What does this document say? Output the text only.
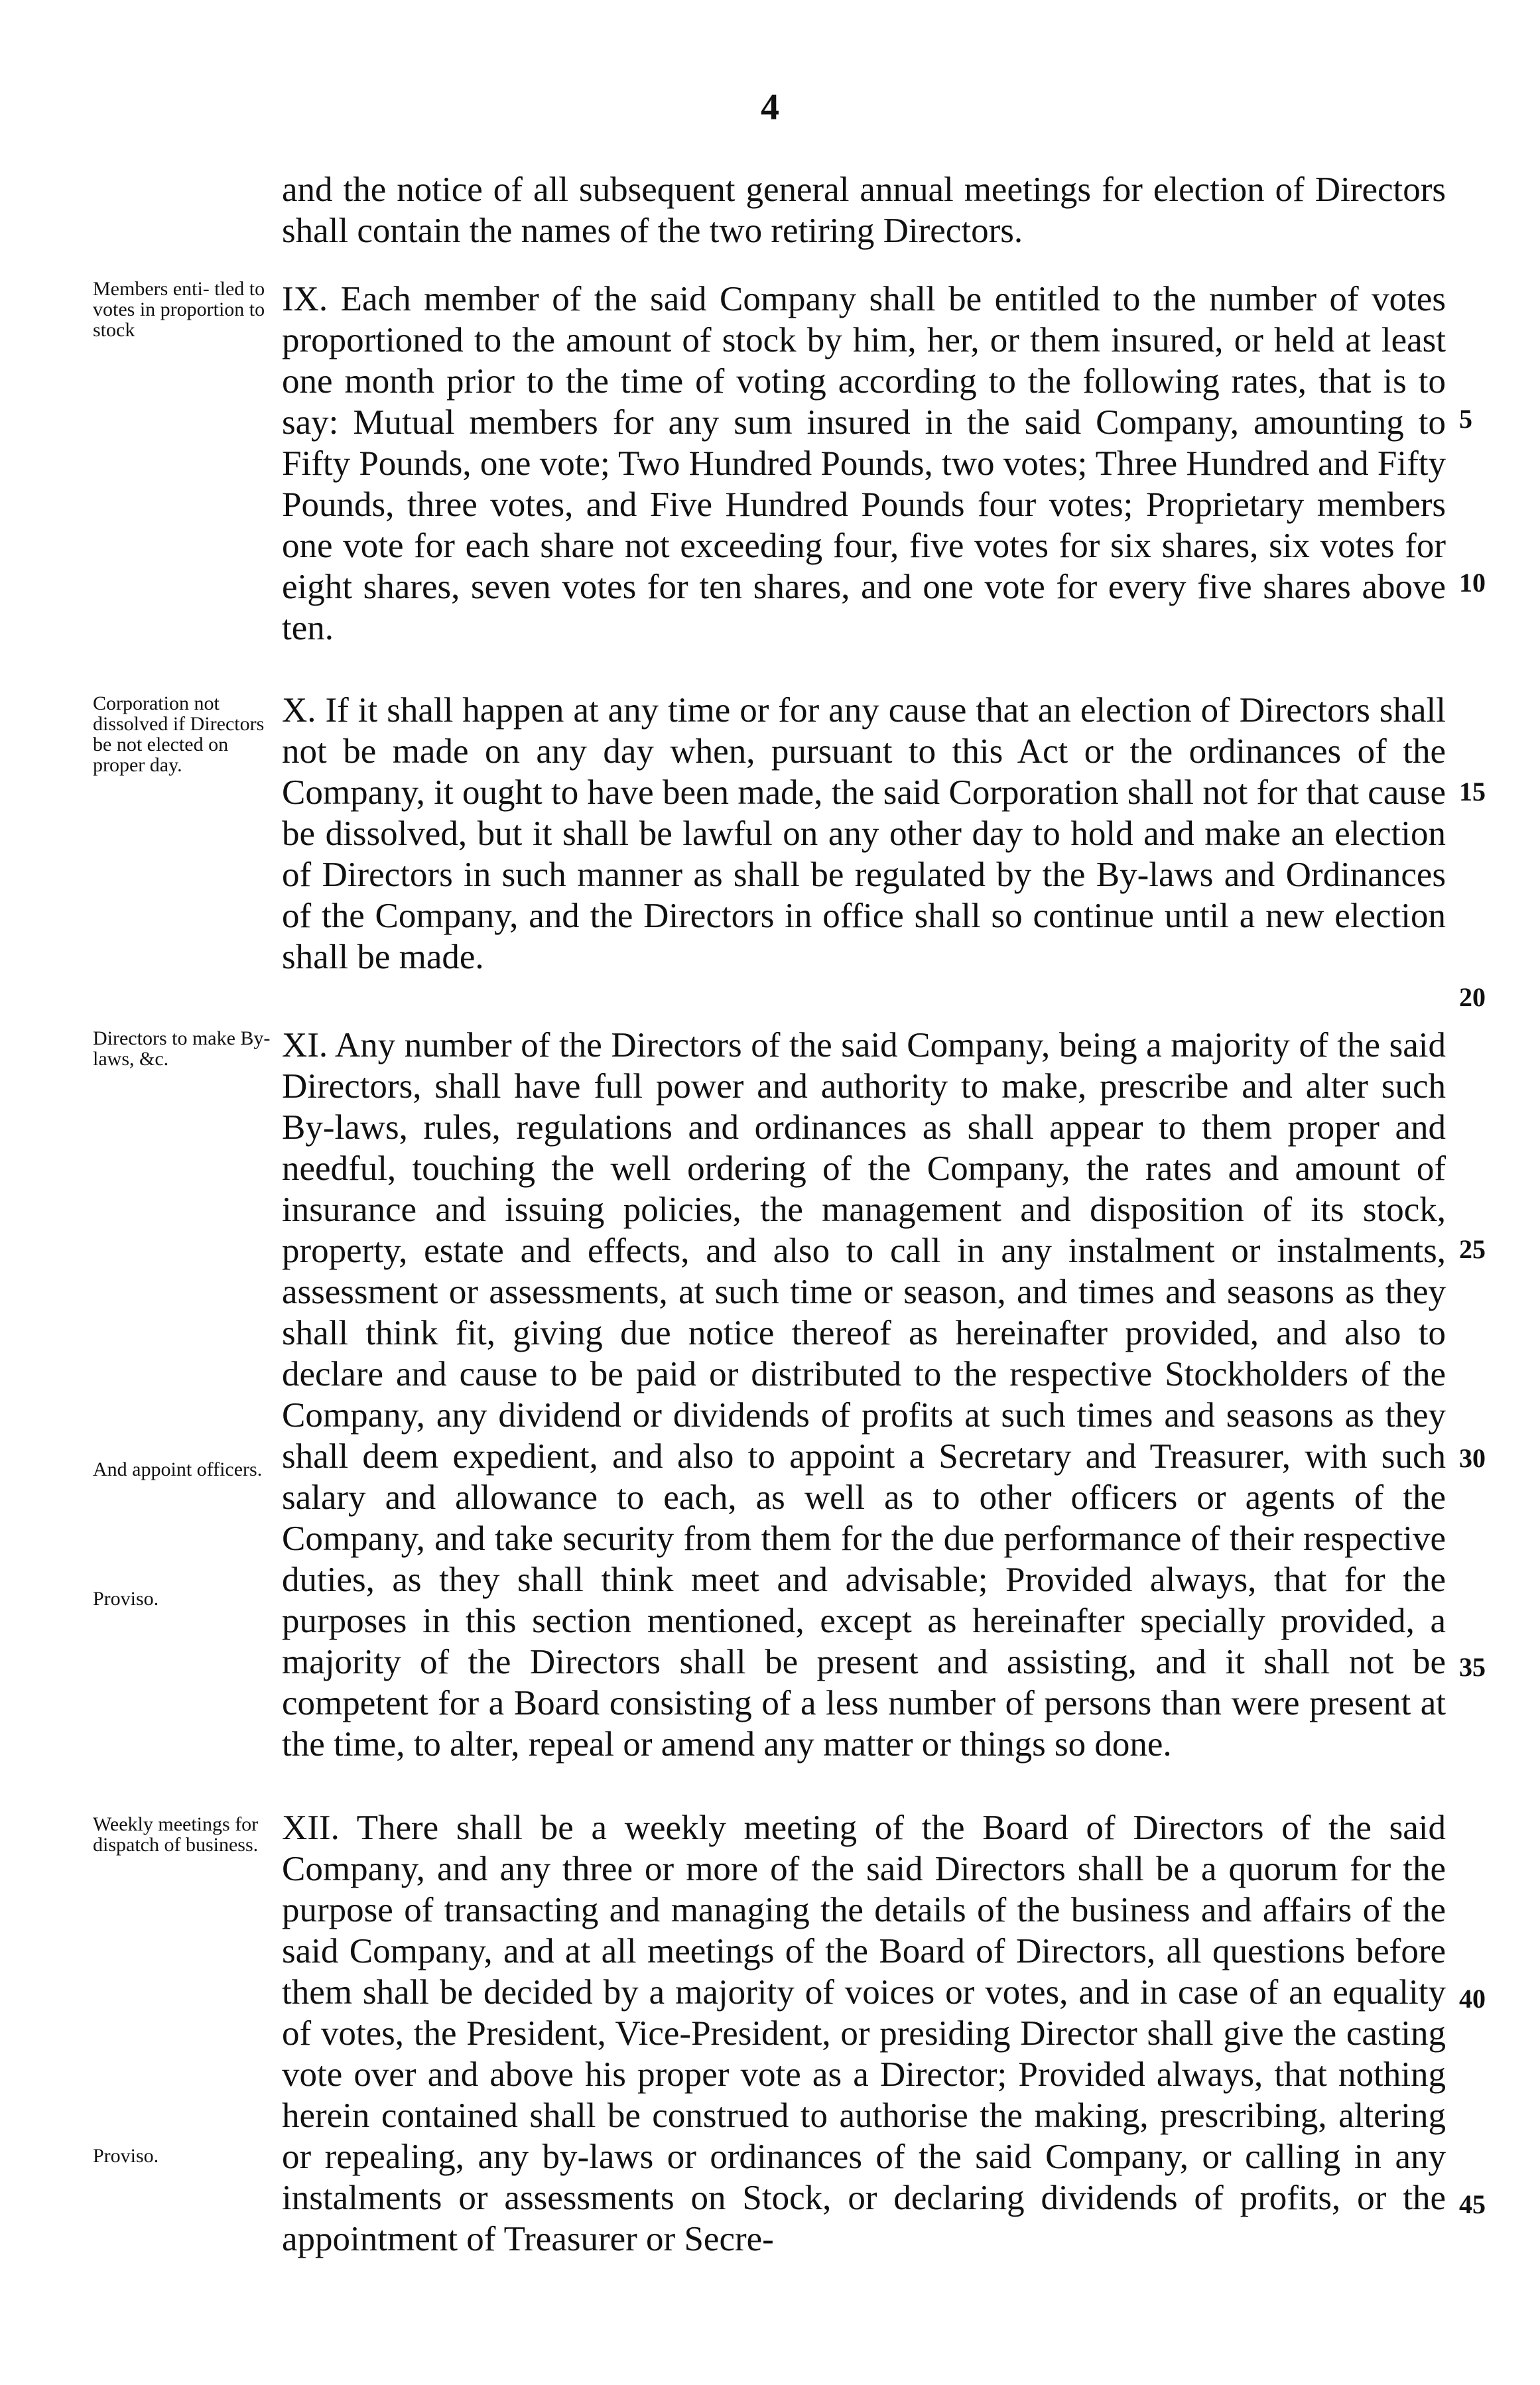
4

and the notice of all subsequent general annual meetings for election of Directors shall contain the names of the two retiring Directors.

Members enti- tled to votes in proportion to stock

IX. Each member of the said Company shall be entitled to the number of votes proportioned to the amount of stock by him, her, or them insured, or held at least one month prior to the time of voting according to the following rates, that is to say: Mutual members for any sum insured in the said Company, amounting to Fifty Pounds, one vote; Two Hundred Pounds, two votes; Three Hundred and Fifty Pounds, three votes, and Five Hundred Pounds four votes; Proprietary members one vote for each share not exceeding four, five votes for six shares, six votes for eight shares, seven votes for ten shares, and one vote for every five shares above ten.

Corporation not dissolved if Directors be not elected on proper day.

X. If it shall happen at any time or for any cause that an election of Directors shall not be made on any day when, pursuant to this Act or the ordinances of the Company, it ought to have been made, the said Corporation shall not for that cause be dissolved, but it shall be lawful on any other day to hold and make an election of Directors in such manner as shall be regulated by the By-laws and Ordinances of the Company, and the Directors in office shall so continue until a new election shall be made.

Directors to make By-laws, &c.
And appoint officers.
Proviso.

XI. Any number of the Directors of the said Company, being a majority of the said Directors, shall have full power and authority to make, prescribe and alter such By-laws, rules, regulations and ordinances as shall appear to them proper and needful, touching the well ordering of the Company, the rates and amount of insurance and issuing policies, the management and disposition of its stock, property, estate and effects, and also to call in any instalment or instalments, assessment or assessments, at such time or season, and times and seasons as they shall think fit, giving due notice thereof as hereinafter provided, and also to declare and cause to be paid or distributed to the respective Stockholders of the Company, any dividend or dividends of profits at such times and seasons as they shall deem expedient, and also to appoint a Secretary and Treasurer, with such salary and allowance to each, as well as to other officers or agents of the Company, and take security from them for the due performance of their respective duties, as they shall think meet and advisable; Provided always, that for the purposes in this section mentioned, except as hereinafter specially provided, a majority of the Directors shall be present and assisting, and it shall not be competent for a Board consisting of a less number of persons than were present at the time, to alter, repeal or amend any matter or things so done.

Weekly meetings for dispatch of business.
Proviso.

XII. There shall be a weekly meeting of the Board of Directors of the said Company, and any three or more of the said Directors shall be a quorum for the purpose of transacting and managing the details of the business and affairs of the said Company, and at all meetings of the Board of Directors, all questions before them shall be decided by a majority of voices or votes, and in case of an equality of votes, the President, Vice-President, or presiding Director shall give the casting vote over and above his proper vote as a Director; Provided always, that nothing herein contained shall be construed to authorise the making, prescribing, altering or repealing, any by-laws or ordinances of the said Company, or calling in any instalments or assessments on Stock, or declaring dividends of profits, or the appointment of Treasurer or Secre-

5
10
15
20
25
30
35
40
45
